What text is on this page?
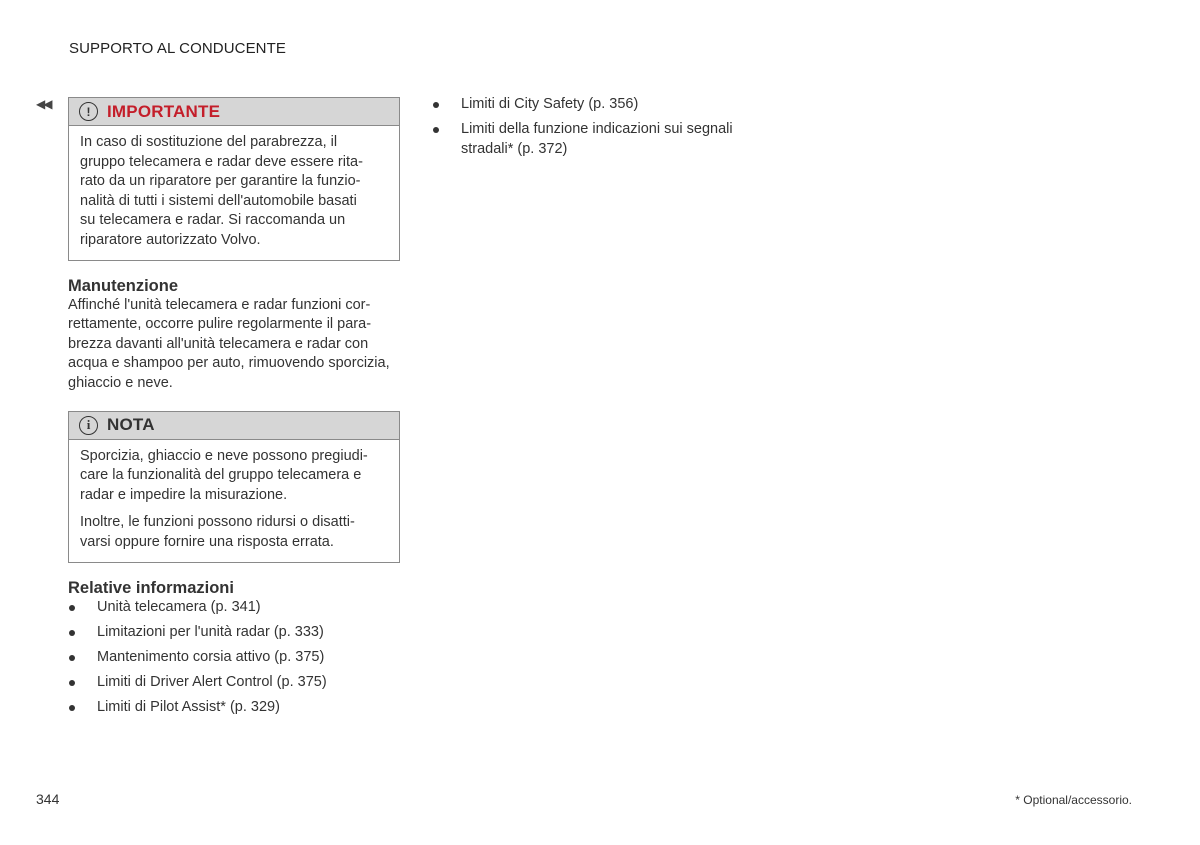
SUPPORTO AL CONDUCENTE
◀◀
! IMPORTANTE

In caso di sostituzione del parabrezza, il
gruppo telecamera e radar deve essere rita-
rato da un riparatore per garantire la funzio-
nalità di tutti i sistemi dell'automobile basati
su telecamera e radar. Si raccomanda un
riparatore autorizzato Volvo.

Manutenzione

Affinché l'unità telecamera e radar funzioni cor-
rettamente, occorre pulire regolarmente il para-
brezza davanti all'unità telecamera e radar con
acqua e shampoo per auto, rimuovendo sporcizia,
ghiaccio e neve.

i NOTA

Sporcizia, ghiaccio e neve possono pregiudi-
care la funzionalità del gruppo telecamera e
radar e impedire la misurazione.

Inoltre, le funzioni possono ridursi o disatti-
varsi oppure fornire una risposta errata.

Relative informazioni
Unità telecamera (p. 341)
Limitazioni per l'unità radar (p. 333)
Mantenimento corsia attivo (p. 375)
Limiti di Driver Alert Control (p. 375)
Limiti di Pilot Assist* (p. 329)
Limiti di City Safety (p. 356)
Limiti della funzione indicazioni sui segnali
stradali* (p. 372)
344	* Optional/accessorio.
